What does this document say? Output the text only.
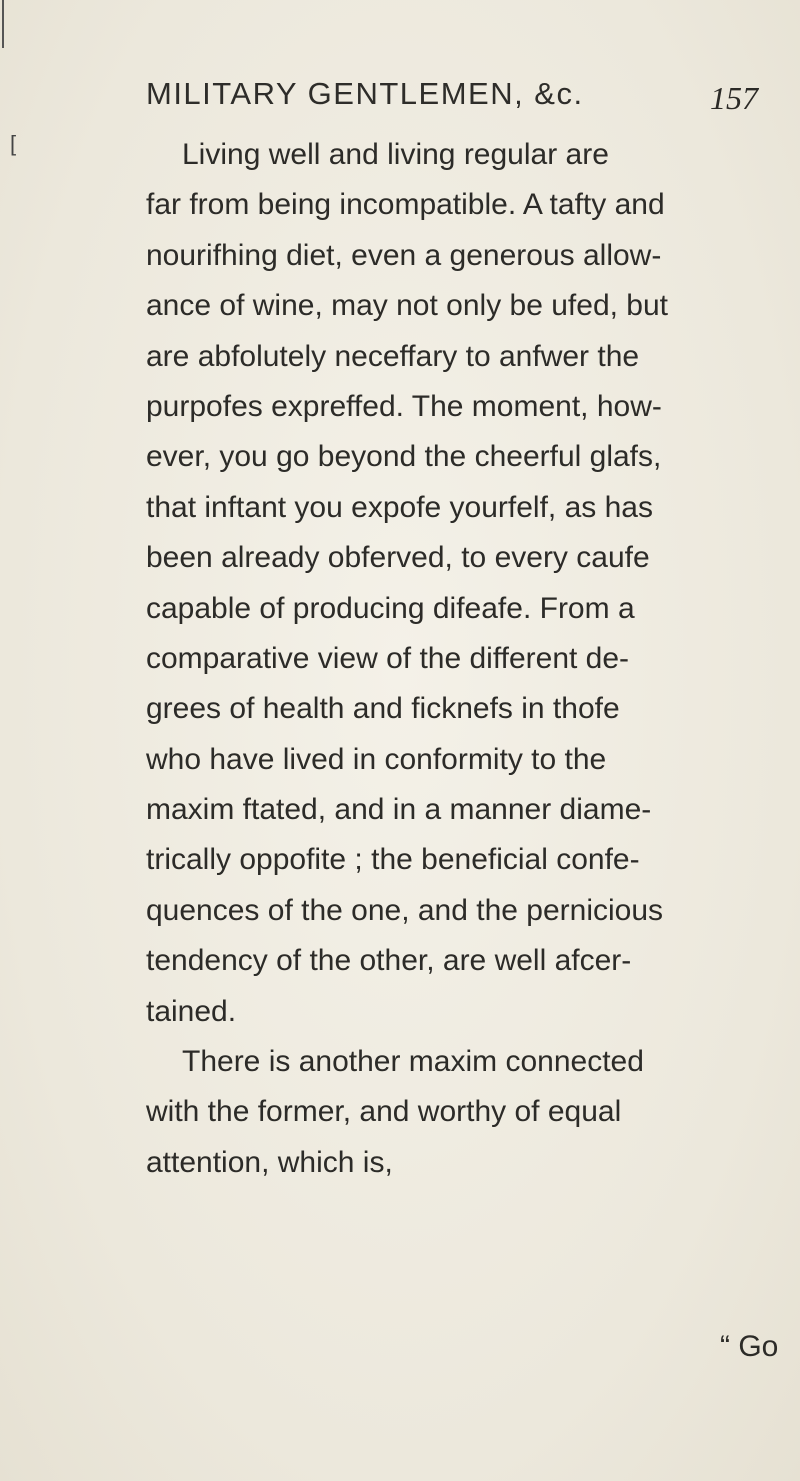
MILITARY GENTLEMEN, &c.	157
[	Living well and living regular are
far from being incompatible. A tafty and
nourifhing diet, even a generous allow-
ance of wine, may not only be ufed, but
are abfolutely neceffary to anfwer the
purpofes expreffed. The moment, how-
ever, you go beyond the cheerful glafs,
that inftant you expofe yourfelf, as has
been already obferved, to every caufe
capable of producing difeafe. From a
comparative view of the different de-
grees of health and ficknefs in thofe
who have lived in conformity to the
maxim ftated, and in a manner diame-
trically oppofite ; the beneficial confe-
quences of the one, and the pernicious
tendency of the other, are well afcer-
tained.
There is another maxim connected
with the former, and worthy of equal
attention, which is,
“ Go
